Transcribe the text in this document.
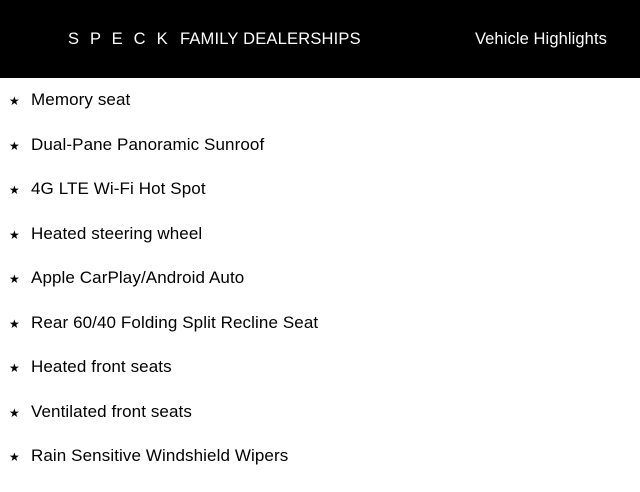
S P E C K FAMILY DEALERSHIPS	Vehicle Highlights
★ Memory seat
★ Dual-Pane Panoramic Sunroof
★ 4G LTE Wi-Fi Hot Spot
★ Heated steering wheel
★ Apple CarPlay/Android Auto
★ Rear 60/40 Folding Split Recline Seat
★ Heated front seats
★ Ventilated front seats
★ Rain Sensitive Windshield Wipers
